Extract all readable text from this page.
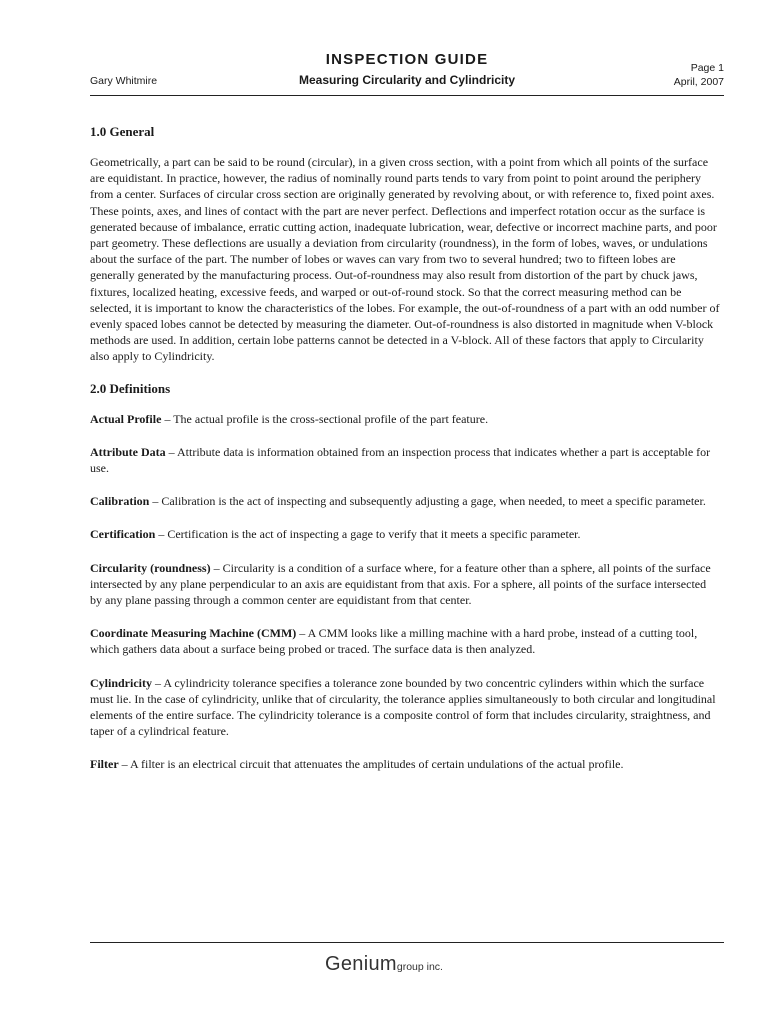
Gary Whitmire
INSPECTION GUIDE
Measuring Circularity and Cylindricity
Page 1
April, 2007
1.0 General

Geometrically, a part can be said to be round (circular), in a given cross section, with a point from which all points of the surface are equidistant. In practice, however, the radius of nominally round parts tends to vary from point to point around the periphery from a center. Surfaces of circular cross section are originally generated by revolving about, or with reference to, fixed point axes. These points, axes, and lines of contact with the part are never perfect. Deflections and imperfect rotation occur as the surface is generated because of imbalance, erratic cutting action, inadequate lubrication, wear, defective or incorrect machine parts, and poor part geometry. These deflections are usually a deviation from circularity (roundness), in the form of lobes, waves, or undulations about the surface of the part. The number of lobes or waves can vary from two to several hundred; two to fifteen lobes are generally generated by the manufacturing process. Out-of-roundness may also result from distortion of the part by chuck jaws, fixtures, localized heating, excessive feeds, and warped or out-of-round stock. So that the correct measuring method can be selected, it is important to know the characteristics of the lobes. For example, the out-of-roundness of a part with an odd number of evenly spaced lobes cannot be detected by measuring the diameter. Out-of-roundness is also distorted in magnitude when V-block methods are used. In addition, certain lobe patterns cannot be detected in a V-block. All of these factors that apply to Circularity also apply to Cylindricity.

2.0 Definitions

Actual Profile – The actual profile is the cross-sectional profile of the part feature.

Attribute Data – Attribute data is information obtained from an inspection process that indicates whether a part is acceptable for use.

Calibration – Calibration is the act of inspecting and subsequently adjusting a gage, when needed, to meet a specific parameter.

Certification – Certification is the act of inspecting a gage to verify that it meets a specific parameter.

Circularity (roundness) – Circularity is a condition of a surface where, for a feature other than a sphere, all points of the surface intersected by any plane perpendicular to an axis are equidistant from that axis. For a sphere, all points of the surface intersected by any plane passing through a common center are equidistant from that center.

Coordinate Measuring Machine (CMM) – A CMM looks like a milling machine with a hard probe, instead of a cutting tool, which gathers data about a surface being probed or traced. The surface data is then analyzed.

Cylindricity – A cylindricity tolerance specifies a tolerance zone bounded by two concentric cylinders within which the surface must lie. In the case of cylindricity, unlike that of circularity, the tolerance applies simultaneously to both circular and longitudinal elements of the entire surface. The cylindricity tolerance is a composite control of form that includes circularity, straightness, and taper of a cylindrical feature.

Filter – A filter is an electrical circuit that attenuates the amplitudes of certain undulations of the actual profile.

Geniumgroup inc.
